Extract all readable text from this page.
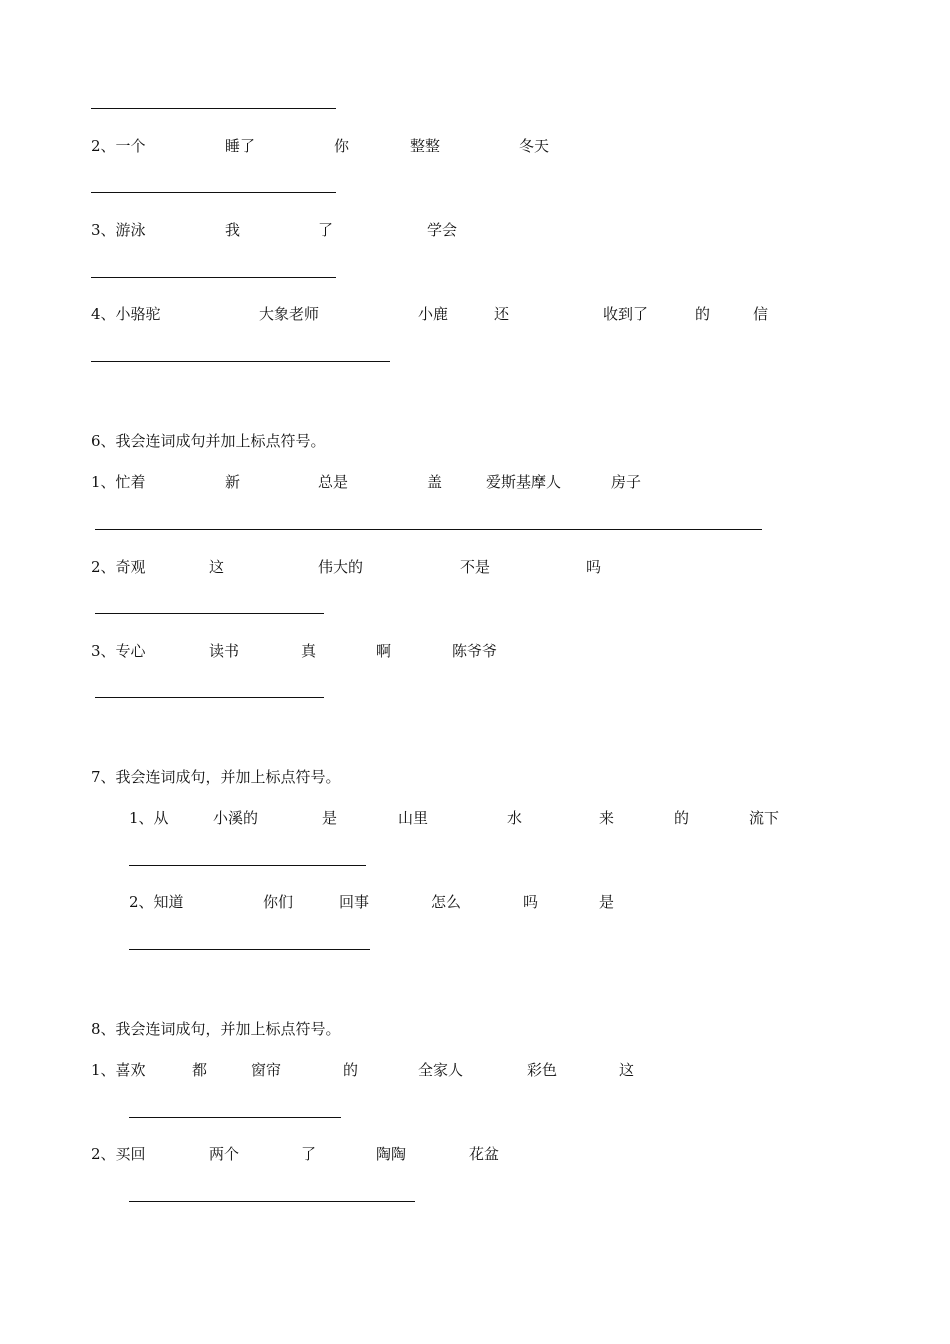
2、一个	睡了	你	整整	冬天
3、游泳	我	了	学会
4、小骆驼	大象老师	小鹿	还	收到了	的	信
6、我会连词成句并加上标点符号。
1、忙着	新	总是	盖	爱斯基摩人	房子
2、奇观	这	伟大的	不是	吗
3、专心	读书	真	啊	陈爷爷
7、我会连词成句，并加上标点符号。
1、从	小溪的	是	山里	水	来	的	流下
2、知道	你们	回事	怎么	吗	是
8、我会连词成句，并加上标点符号。
1、喜欢	都	窗帘	的	全家人	彩色	这
2、买回	两个	了	陶陶	花盆
